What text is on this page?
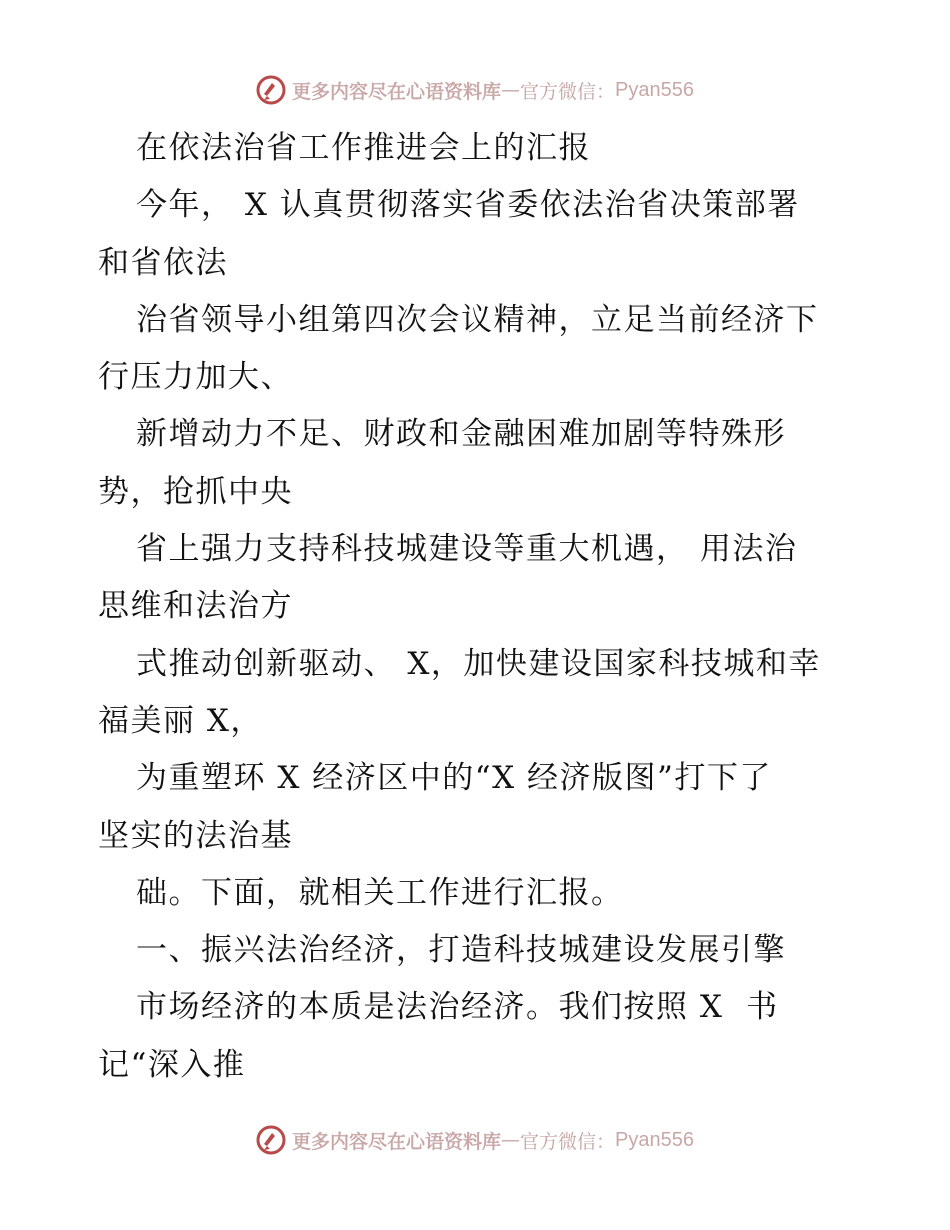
更多内容尽在心语资料库 — 官方微信： Pyan556
在依法治省工作推进会上的汇报
今年， X 认真贯彻落实省委依法治省决策部署
和省依法
治省领导小组第四次会议精神，立足当前经济下
行压力加大、
新增动力不足、财政和金融困难加剧等特殊形
势，抢抓中央
省上强力支持科技城建设等重大机遇， 用法治
思维和法治方
式推动创新驱动、 X，加快建设国家科技城和幸
福美丽 X，
为重塑环 X 经济区中的“X 经济版图”打下了
坚实的法治基
础。下面，就相关工作进行汇报。
一、振兴法治经济，打造科技城建设发展引擎
市场经济的本质是法治经济。我们按照 X  书
记“深入推
更多内容尽在心语资料库 — 官方微信： Pyan556
